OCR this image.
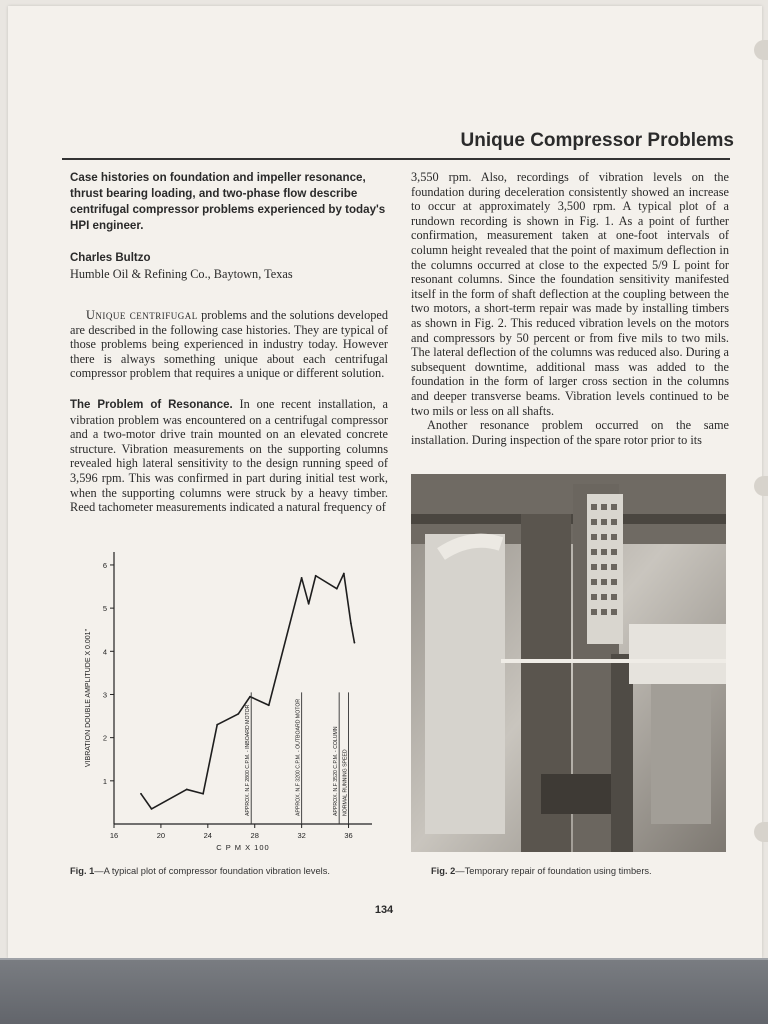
Unique Compressor Problems

Case histories on foundation and impeller resonance, thrust bearing loading, and two-phase flow describe centrifugal compressor problems experienced by today's HPI engineer.

Charles Bultzo

Humble Oil & Refining Co., Baytown, Texas

Unique centrifugal problems and the solutions developed are described in the following case histories. They are typical of those problems being experienced in industry today. However there is always something unique about each centrifugal compressor problem that requires a unique or different solution.

The Problem of Resonance. In one recent installation, a vibration problem was encountered on a centrifugal compressor and a two-motor drive train mounted on an elevated concrete structure. Vibration measurements on the supporting columns revealed high lateral sensitivity to the design running speed of 3,596 rpm. This was confirmed in part during initial test work, when the supporting columns were struck by a heavy timber. Reed tachometer measurements indicated a natural frequency of

3,550 rpm. Also, recordings of vibration levels on the foundation during deceleration consistently showed an increase to occur at approximately 3,500 rpm. A typical plot of a rundown recording is shown in Fig. 1. As a point of further confirmation, measurement taken at one-foot intervals of column height revealed that the point of maximum deflection in the columns occurred at close to the expected 5/9 L point for resonant columns. Since the foundation sensitivity manifested itself in the form of shaft deflection at the coupling between the two motors, a short-term repair was made by installing timbers as shown in Fig. 2. This reduced vibration levels on the motors and compressors by 50 percent or from five mils to two mils. The lateral deflection of the columns was reduced also. During a subsequent downtime, additional mass was added to the foundation in the form of larger cross section in the columns and deeper transverse beams. Vibration levels continued to be two mils or less on all shafts.

Another resonance problem occurred on the same installation. During inspection of the spare rotor prior to its

16	20	24	28	32	36
1
2
3
4
5
6
C P M X 100
VIBRATION DOUBLE AMPLITUDE X 0.001"	APPROX. N.F 2800 C.P.M. - INBOARD MOTOR	APPROX. N.F 3200 C.P.M. - OUTBOARD MOTOR	APPROX. N.F 3520 C.P.M. - COLUMN NORMAL RUNNING SPEED
Fig. 1—A typical plot of compressor foundation vibration levels.	Fig. 2—Temporary repair of foundation using timbers.
134
